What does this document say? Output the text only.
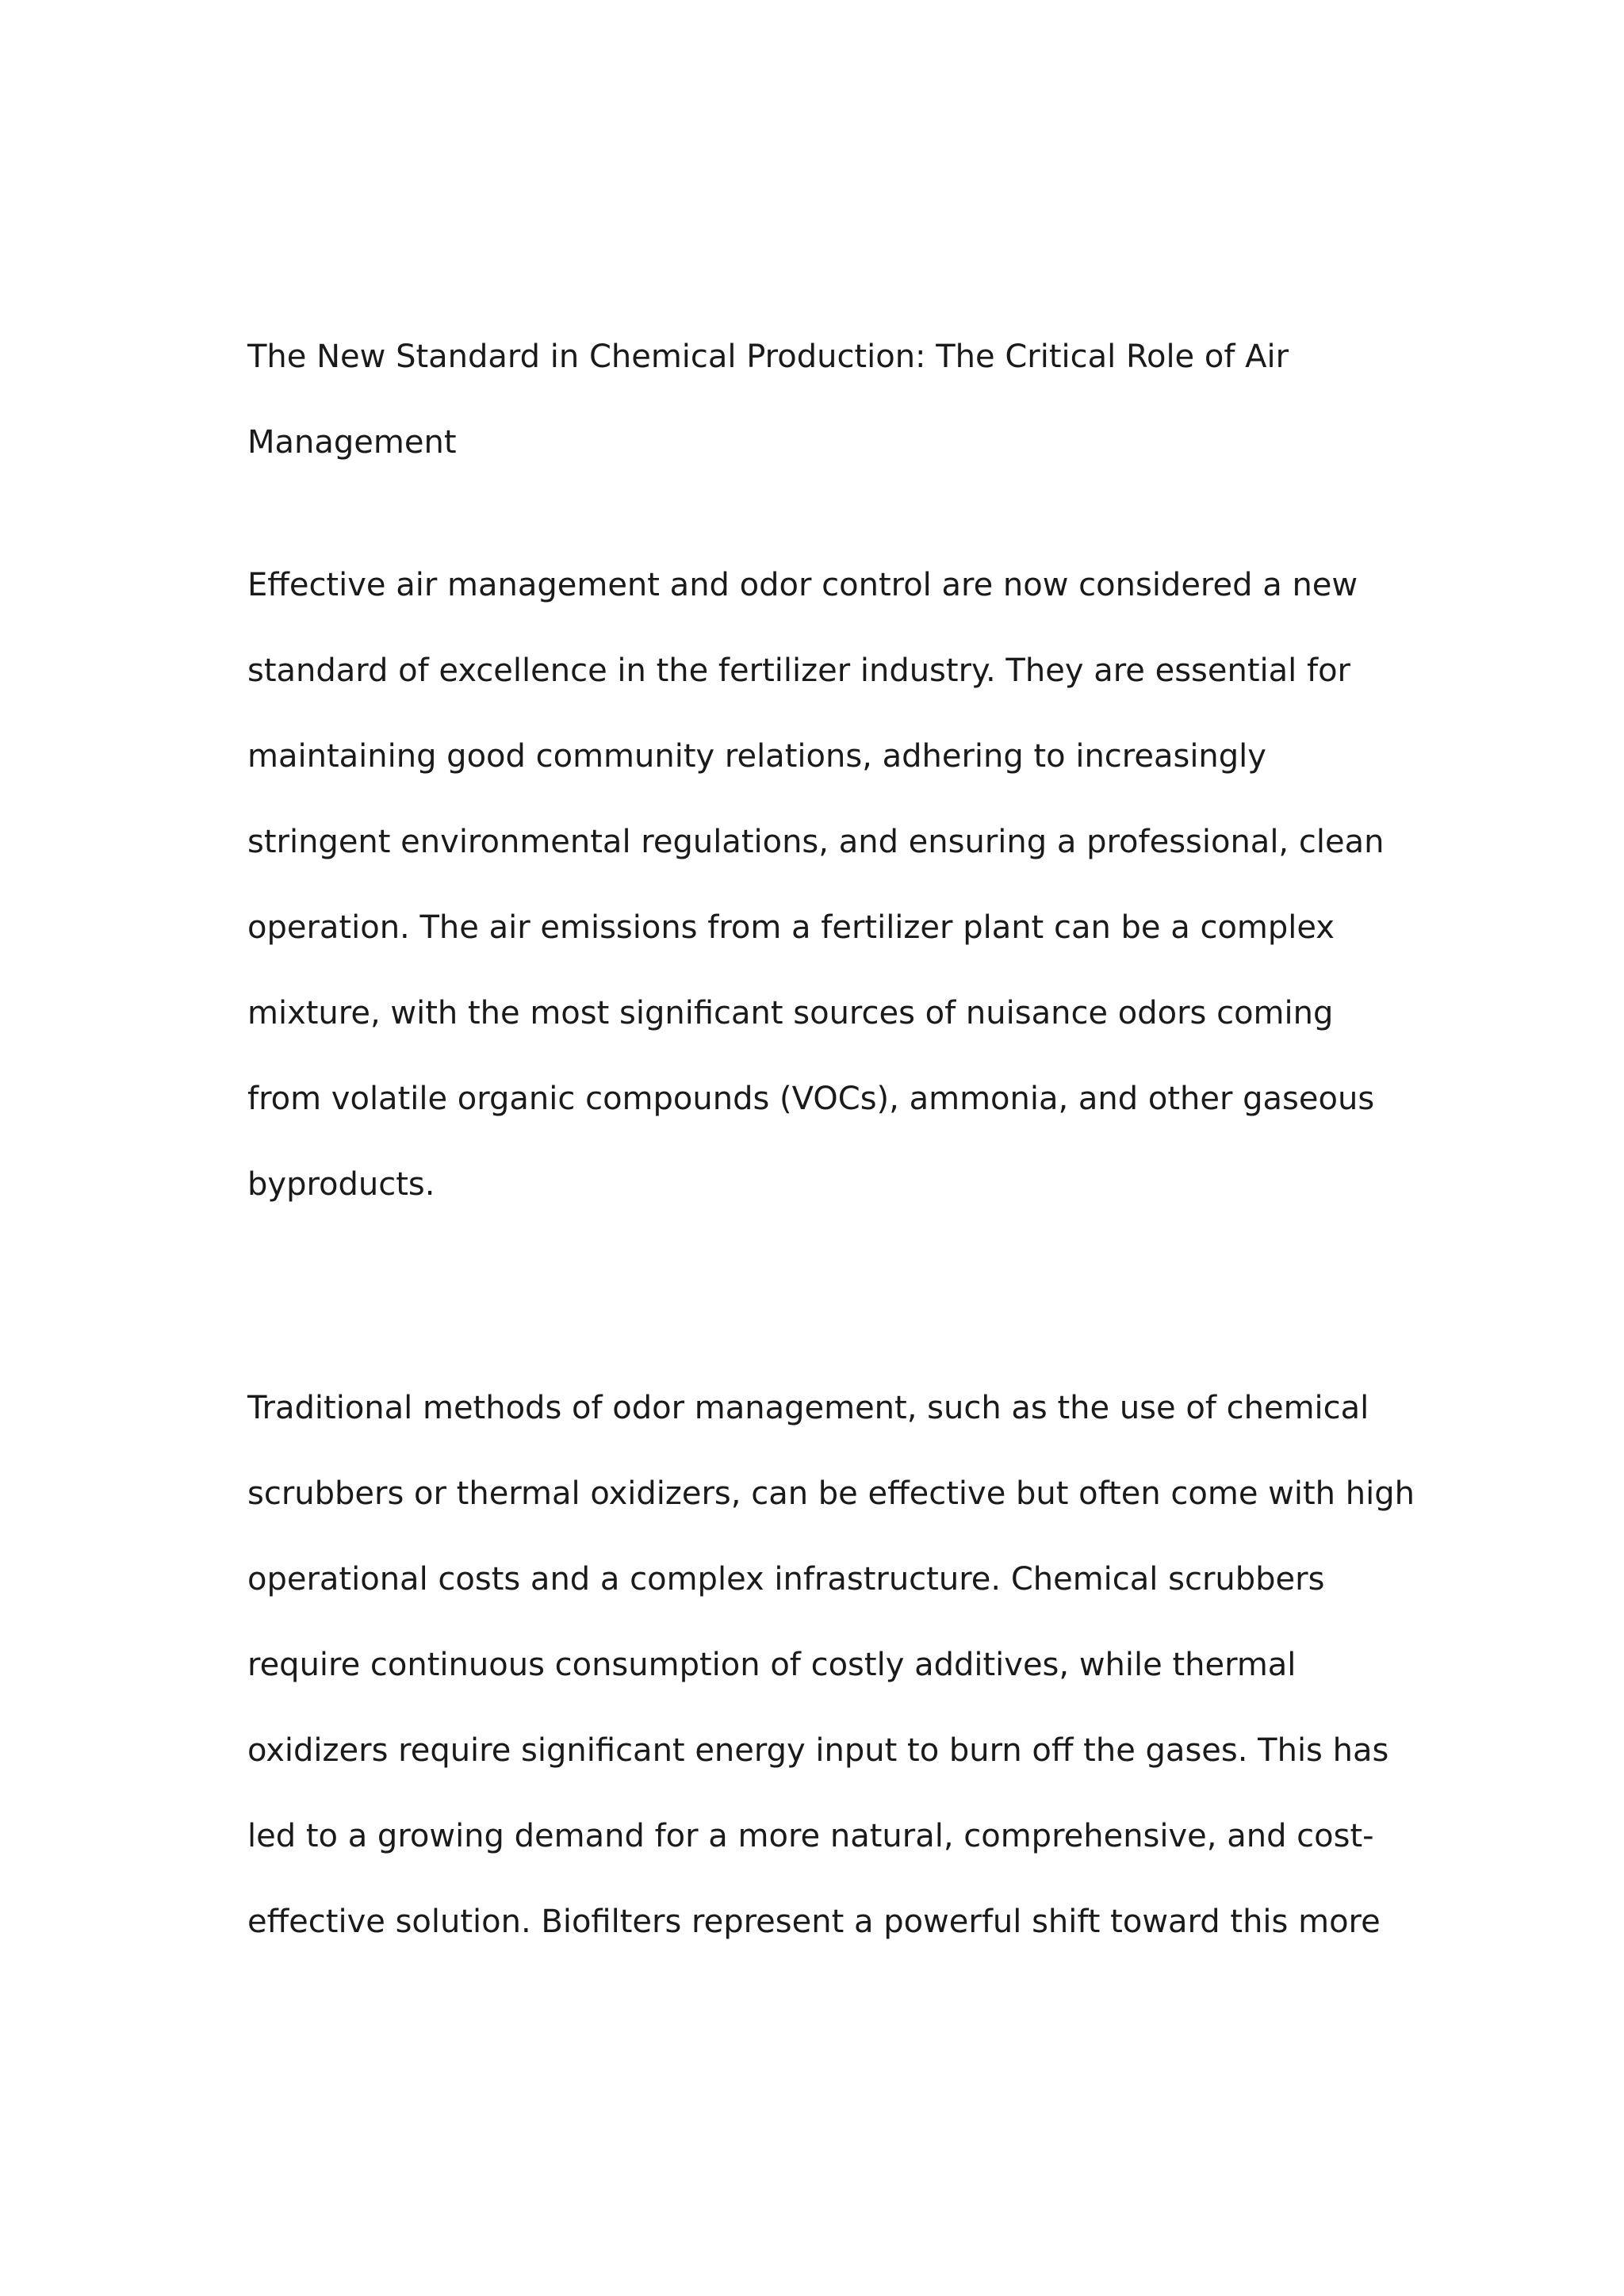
The New Standard in Chemical Production: The Critical Role of Air
Management
Effective air management and odor control are now considered a new
standard of excellence in the fertilizer industry. They are essential for
maintaining good community relations, adhering to increasingly
stringent environmental regulations, and ensuring a professional, clean
operation. The air emissions from a fertilizer plant can be a complex
mixture, with the most significant sources of nuisance odors coming
from volatile organic compounds (VOCs), ammonia, and other gaseous
byproducts.
Traditional methods of odor management, such as the use of chemical
scrubbers or thermal oxidizers, can be effective but often come with high
operational costs and a complex infrastructure. Chemical scrubbers
require continuous consumption of costly additives, while thermal
oxidizers require significant energy input to burn off the gases. This has
led to a growing demand for a more natural, comprehensive, and cost-
effective solution. Biofilters represent a powerful shift toward this more
